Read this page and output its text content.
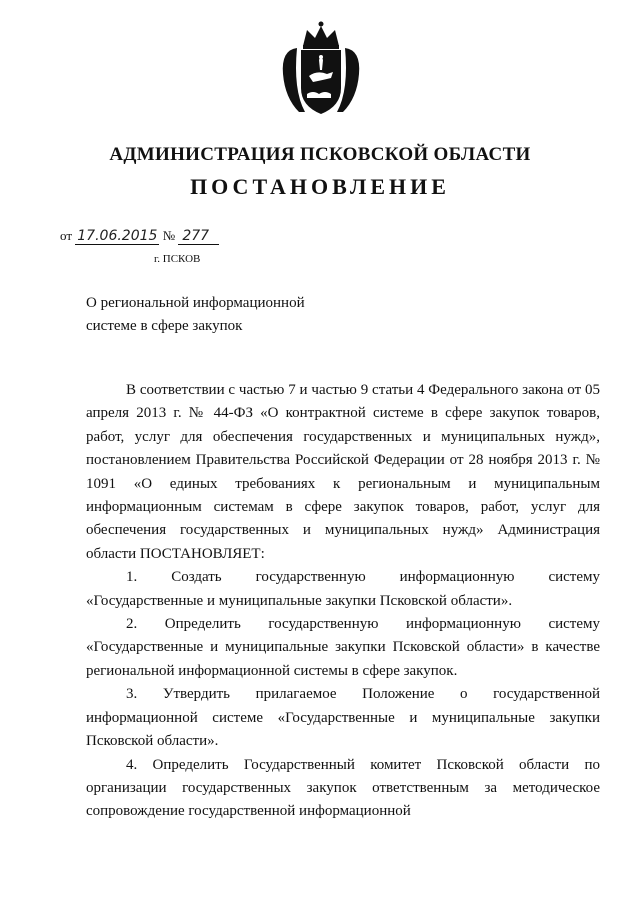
АДМИНИСТРАЦИЯ ПСКОВСКОЙ ОБЛАСТИ
ПОСТАНОВЛЕНИЕ
от 17.06.2015 № 277
г. ПСКОВ
О региональной информационной
системе в сфере закупок

В соответствии с частью 7 и частью 9 статьи 4 Федерального закона от 05 апреля 2013 г. № 44-ФЗ «О контрактной системе в сфере закупок товаров, работ, услуг для обеспечения государственных и муниципальных нужд», постановлением Правительства Российской Федерации от 28 ноября 2013 г. № 1091 «О единых требованиях к региональным и муниципальным информационным системам в сфере закупок товаров, работ, услуг для обеспечения государственных и муниципальных нужд» Администрация области ПОСТАНОВЛЯЕТ:

1. Создать государственную информационную систему «Государственные и муниципальные закупки Псковской области».

2. Определить государственную информационную систему «Государственные и муниципальные закупки Псковской области» в качестве региональной информационной системы в сфере закупок.

3. Утвердить прилагаемое Положение о государственной информационной системе «Государственные и муниципальные закупки Псковской области».

4. Определить Государственный комитет Псковской области по организации государственных закупок ответственным за методическое сопровождение государственной информационной
